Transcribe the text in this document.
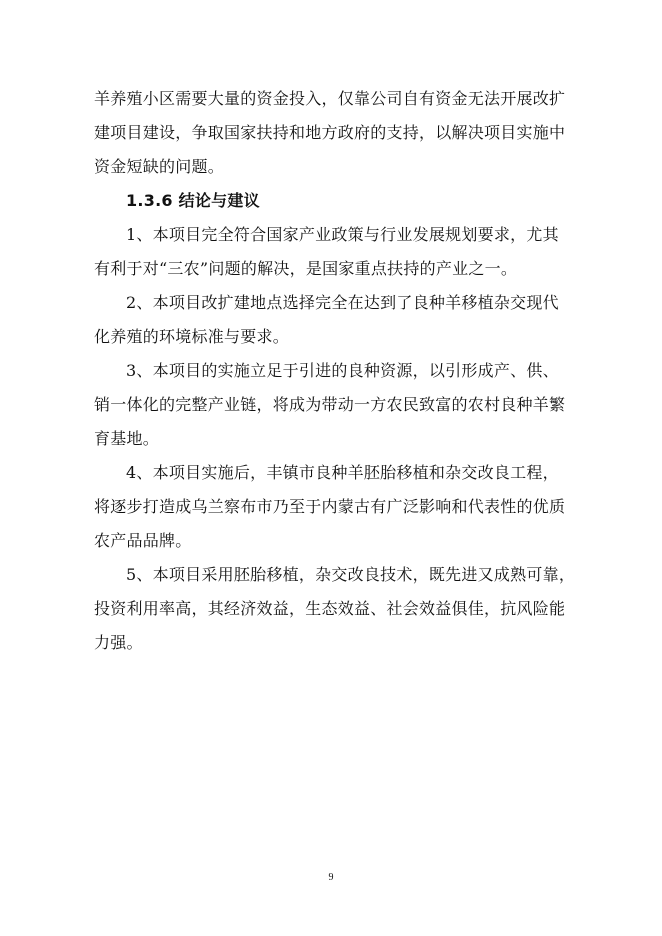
羊养殖小区需要大量的资金投入，仅靠公司自有资金无法开展改扩
建项目建设，争取国家扶持和地方政府的支持，以解决项目实施中
资金短缺的问题。
1.3.6 结论与建议
1、本项目完全符合国家产业政策与行业发展规划要求，尤其
有利于对“三农”问题的解决，是国家重点扶持的产业之一。
2、本项目改扩建地点选择完全在达到了良种羊移植杂交现代
化养殖的环境标准与要求。
3、本项目的实施立足于引进的良种资源，以引形成产、供、
销一体化的完整产业链，将成为带动一方农民致富的农村良种羊繁
育基地。
4、本项目实施后，丰镇市良种羊胚胎移植和杂交改良工程，
将逐步打造成乌兰察布市乃至于内蒙古有广泛影响和代表性的优质
农产品品牌。
5、本项目采用胚胎移植，杂交改良技术，既先进又成熟可靠，
投资利用率高，其经济效益，生态效益、社会效益俱佳，抗风险能
力强。
9
